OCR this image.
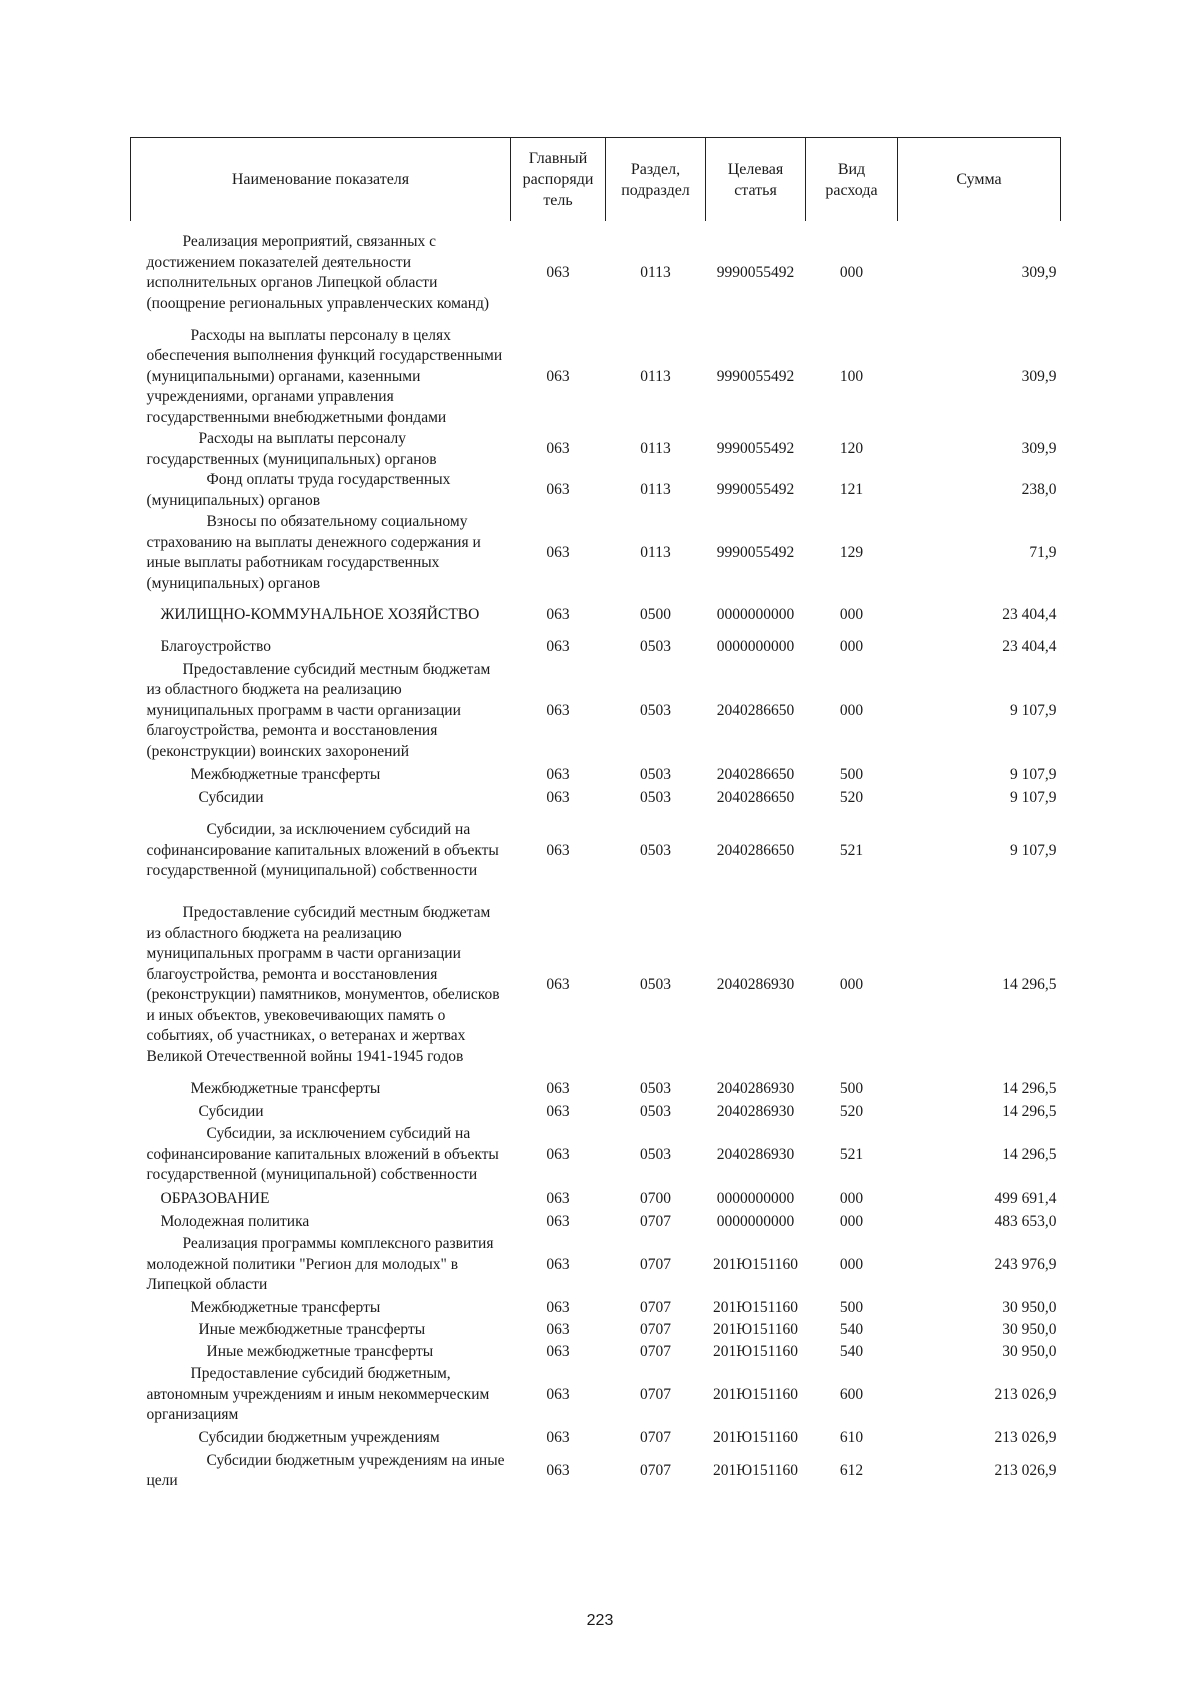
Наименование показателя	Главный распоряди тель	Раздел, подраздел	Целевая статья	Вид расхода	Сумма
Реализация мероприятий, связанных с достижением показателей деятельности исполнительных органов Липецкой области (поощрение региональных управленческих команд)	063	0113	9990055492	000	309,9
Расходы на выплаты персоналу в целях обеспечения выполнения функций государственными (муниципальными) органами, казенными учреждениями, органами управления государственными внебюджетными фондами	063	0113	9990055492	100	309,9
Расходы на выплаты персоналу государственных (муниципальных) органов	063	0113	9990055492	120	309,9
Фонд оплаты труда государственных (муниципальных) органов	063	0113	9990055492	121	238,0
Взносы по обязательному социальному страхованию на выплаты денежного содержания и иные выплаты работникам государственных (муниципальных) органов	063	0113	9990055492	129	71,9
ЖИЛИЩНО-КОММУНАЛЬНОЕ ХОЗЯЙСТВО	063	0500	0000000000	000	23 404,4
Благоустройство	063	0503	0000000000	000	23 404,4
Предоставление субсидий местным бюджетам из областного бюджета на реализацию муниципальных программ в части организации благоустройства, ремонта и восстановления (реконструкции) воинских захоронений	063	0503	2040286650	000	9 107,9
Межбюджетные трансферты	063	0503	2040286650	500	9 107,9
Субсидии	063	0503	2040286650	520	9 107,9
Субсидии, за исключением субсидий на софинансирование капитальных вложений в объекты государственной (муниципальной) собственности	063	0503	2040286650	521	9 107,9
Предоставление субсидий местным бюджетам из областного бюджета на реализацию муниципальных программ в части организации благоустройства, ремонта и восстановления (реконструкции) памятников, монументов, обелисков и иных объектов, увековечивающих память о событиях, об участниках, о ветеранах и жертвах Великой Отечественной войны 1941-1945 годов	063	0503	2040286930	000	14 296,5
Межбюджетные трансферты	063	0503	2040286930	500	14 296,5
Субсидии	063	0503	2040286930	520	14 296,5
Субсидии, за исключением субсидий на софинансирование капитальных вложений в объекты государственной (муниципальной) собственности	063	0503	2040286930	521	14 296,5
ОБРАЗОВАНИЕ	063	0700	0000000000	000	499 691,4
Молодежная политика	063	0707	0000000000	000	483 653,0
Реализация программы комплексного развития молодежной политики "Регион для молодых" в Липецкой области	063	0707	201Ю151160	000	243 976,9
Межбюджетные трансферты	063	0707	201Ю151160	500	30 950,0
Иные межбюджетные трансферты	063	0707	201Ю151160	540	30 950,0
Иные межбюджетные трансферты	063	0707	201Ю151160	540	30 950,0
Предоставление субсидий бюджетным, автономным учреждениям и иным некоммерческим организациям	063	0707	201Ю151160	600	213 026,9
Субсидии бюджетным учреждениям	063	0707	201Ю151160	610	213 026,9
Субсидии бюджетным учреждениям на иные цели	063	0707	201Ю151160	612	213 026,9
223
